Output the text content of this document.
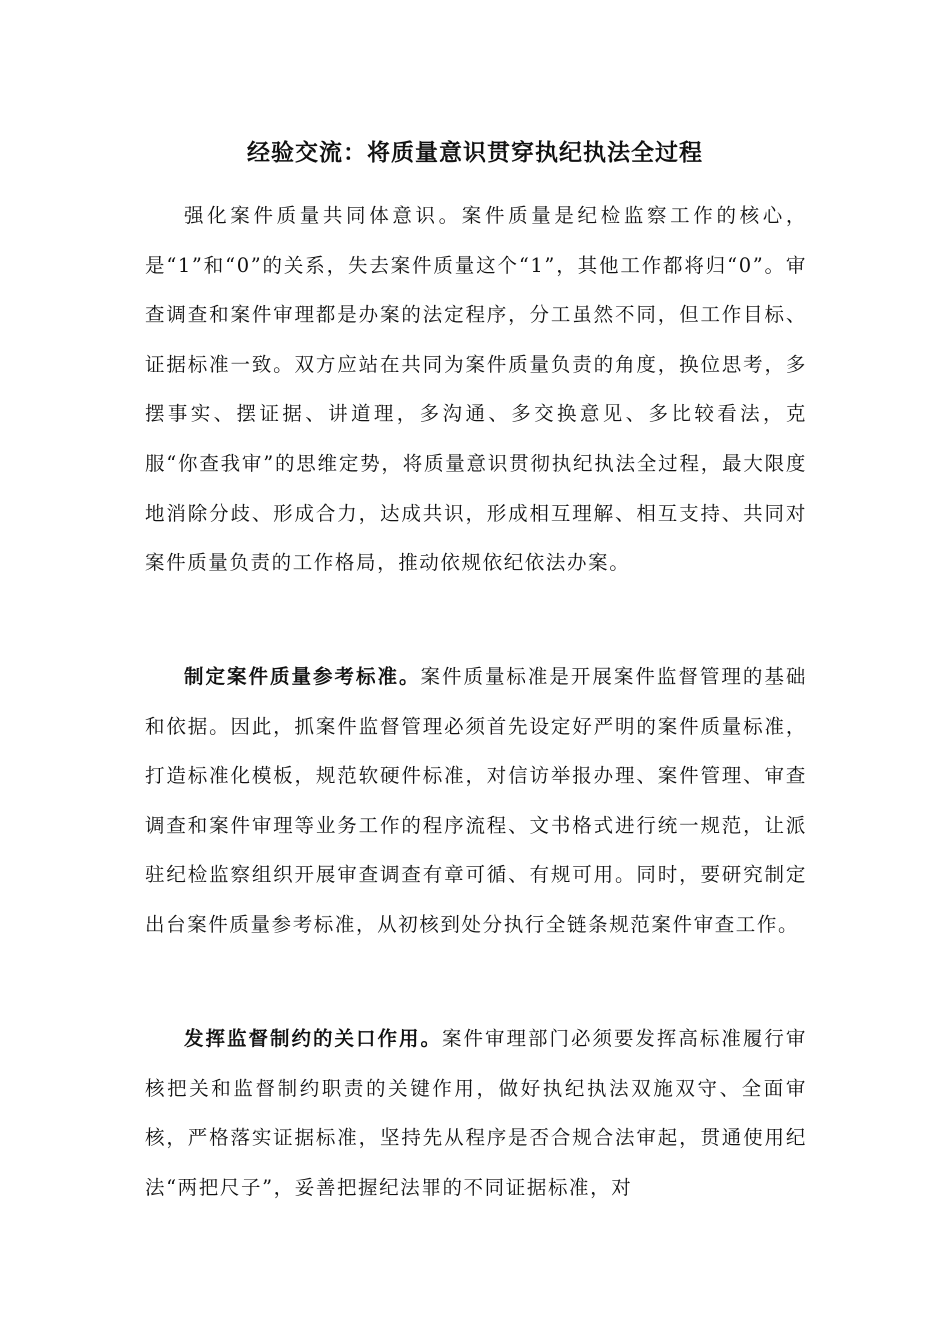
经验交流：将质量意识贯穿执纪执法全过程

强化案件质量共同体意识。案件质量是纪检监察工作的核心，是“1”和“0”的关系，失去案件质量这个“1”，其他工作都将归“0”。审查调查和案件审理都是办案的法定程序，分工虽然不同，但工作目标、证据标准一致。双方应站在共同为案件质量负责的角度，换位思考，多摆事实、摆证据、讲道理，多沟通、多交换意见、多比较看法，克服“你查我审”的思维定势，将质量意识贯彻执纪执法全过程，最大限度地消除分歧、形成合力，达成共识，形成相互理解、相互支持、共同对案件质量负责的工作格局，推动依规依纪依法办案。

制定案件质量参考标准。案件质量标准是开展案件监督管理的基础和依据。因此，抓案件监督管理必须首先设定好严明的案件质量标准，打造标准化模板，规范软硬件标准，对信访举报办理、案件管理、审查调查和案件审理等业务工作的程序流程、文书格式进行统一规范，让派驻纪检监察组织开展审查调查有章可循、有规可用。同时，要研究制定出台案件质量参考标准，从初核到处分执行全链条规范案件审查工作。

发挥监督制约的关口作用。案件审理部门必须要发挥高标准履行审核把关和监督制约职责的关键作用，做好执纪执法双施双守、全面审核，严格落实证据标准，坚持先从程序是否合规合法审起，贯通使用纪法“两把尺子”，妥善把握纪法罪的不同证据标准，对
